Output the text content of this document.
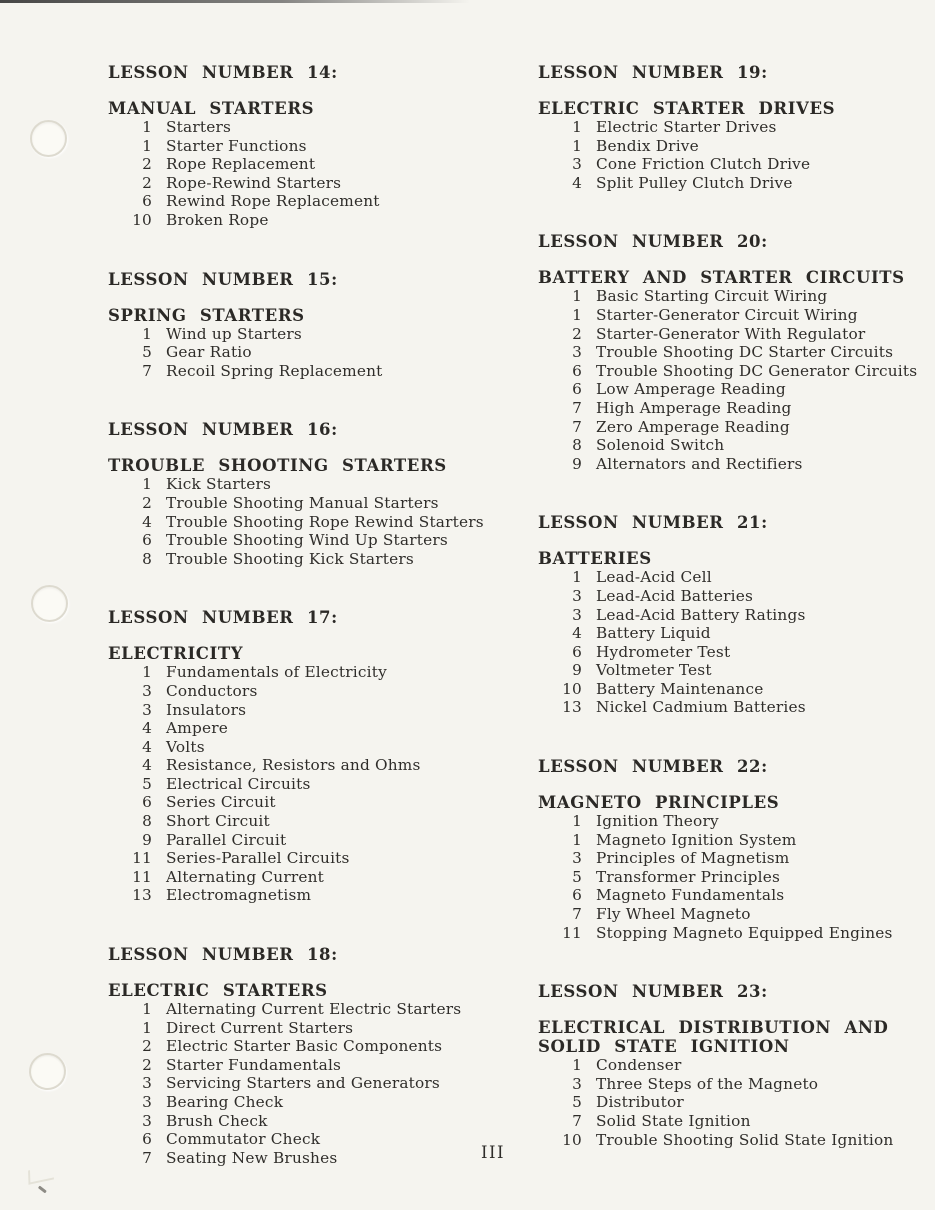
LESSON NUMBER 14:
MANUAL STARTERS
1 Starters
1 Starter Functions
2 Rope Replacement
2 Rope-Rewind Starters
6 Rewind Rope Replacement
10 Broken Rope
LESSON NUMBER 15:
SPRING STARTERS
1 Wind up Starters
5 Gear Ratio
7 Recoil Spring Replacement
LESSON NUMBER 16:
TROUBLE SHOOTING STARTERS
1 Kick Starters
2 Trouble Shooting Manual Starters
4 Trouble Shooting Rope Rewind Starters
6 Trouble Shooting Wind Up Starters
8 Trouble Shooting Kick Starters
LESSON NUMBER 17:
ELECTRICITY
1 Fundamentals of Electricity
3 Conductors
3 Insulators
4 Ampere
4 Volts
4 Resistance, Resistors and Ohms
5 Electrical Circuits
6 Series Circuit
8 Short Circuit
9 Parallel Circuit
11 Series-Parallel Circuits
11 Alternating Current
13 Electromagnetism
LESSON NUMBER 18:
ELECTRIC STARTERS
1 Alternating Current Electric Starters
1 Direct Current Starters
2 Electric Starter Basic Components
2 Starter Fundamentals
3 Servicing Starters and Generators
3 Bearing Check
3 Brush Check
6 Commutator Check
7 Seating New Brushes
LESSON NUMBER 19:
ELECTRIC STARTER DRIVES
1 Electric Starter Drives
1 Bendix Drive
3 Cone Friction Clutch Drive
4 Split Pulley Clutch Drive
LESSON NUMBER 20:
BATTERY AND STARTER CIRCUITS
1 Basic Starting Circuit Wiring
1 Starter-Generator Circuit Wiring
2 Starter-Generator With Regulator
3 Trouble Shooting DC Starter Circuits
6 Trouble Shooting DC Generator Circuits
6 Low Amperage Reading
7 High Amperage Reading
7 Zero Amperage Reading
8 Solenoid Switch
9 Alternators and Rectifiers
LESSON NUMBER 21:
BATTERIES
1 Lead-Acid Cell
3 Lead-Acid Batteries
3 Lead-Acid Battery Ratings
4 Battery Liquid
6 Hydrometer Test
9 Voltmeter Test
10 Battery Maintenance
13 Nickel Cadmium Batteries
LESSON NUMBER 22:
MAGNETO PRINCIPLES
1 Ignition Theory
1 Magneto Ignition System
3 Principles of Magnetism
5 Transformer Principles
6 Magneto Fundamentals
7 Fly Wheel Magneto
11 Stopping Magneto Equipped Engines
LESSON NUMBER 23:
ELECTRICAL DISTRIBUTION AND
SOLID STATE IGNITION
1 Condenser
3 Three Steps of the Magneto
5 Distributor
7 Solid State Ignition
10 Trouble Shooting Solid State Ignition
III
